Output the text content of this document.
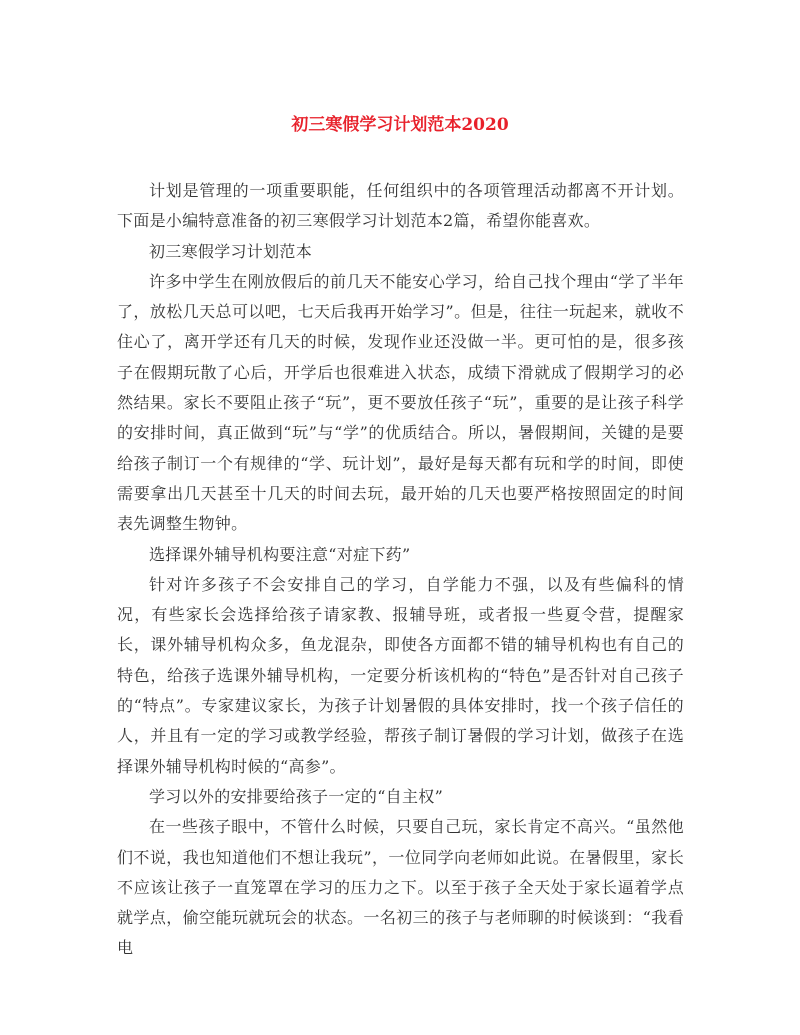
初三寒假学习计划范本2020

计划是管理的一项重要职能，任何组织中的各项管理活动都离不开计划。下面是小编特意准备的初三寒假学习计划范本2篇，希望你能喜欢。

初三寒假学习计划范本

许多中学生在刚放假后的前几天不能安心学习，给自己找个理由“学了半年了，放松几天总可以吧，七天后我再开始学习”。但是，往往一玩起来，就收不住心了，离开学还有几天的时候，发现作业还没做一半。更可怕的是，很多孩子在假期玩散了心后，开学后也很难进入状态，成绩下滑就成了假期学习的必然结果。家长不要阻止孩子“玩”，更不要放任孩子“玩”，重要的是让孩子科学的安排时间，真正做到“玩”与“学”的优质结合。所以，暑假期间，关键的是要给孩子制订一个有规律的“学、玩计划”，最好是每天都有玩和学的时间，即使需要拿出几天甚至十几天的时间去玩，最开始的几天也要严格按照固定的时间表先调整生物钟。

选择课外辅导机构要注意“对症下药”

针对许多孩子不会安排自己的学习，自学能力不强，以及有些偏科的情况，有些家长会选择给孩子请家教、报辅导班，或者报一些夏令营，提醒家长，课外辅导机构众多，鱼龙混杂，即使各方面都不错的辅导机构也有自己的特色，给孩子选课外辅导机构，一定要分析该机构的“特色”是否针对自己孩子的“特点”。专家建议家长，为孩子计划暑假的具体安排时，找一个孩子信任的人，并且有一定的学习或教学经验，帮孩子制订暑假的学习计划，做孩子在选择课外辅导机构时候的“高参”。

学习以外的安排要给孩子一定的“自主权”

在一些孩子眼中，不管什么时候，只要自己玩，家长肯定不高兴。“虽然他们不说，我也知道他们不想让我玩”，一位同学向老师如此说。在暑假里，家长不应该让孩子一直笼罩在学习的压力之下。以至于孩子全天处于家长逼着学点就学点，偷空能玩就玩会的状态。一名初三的孩子与老师聊的时候谈到：“我看电
